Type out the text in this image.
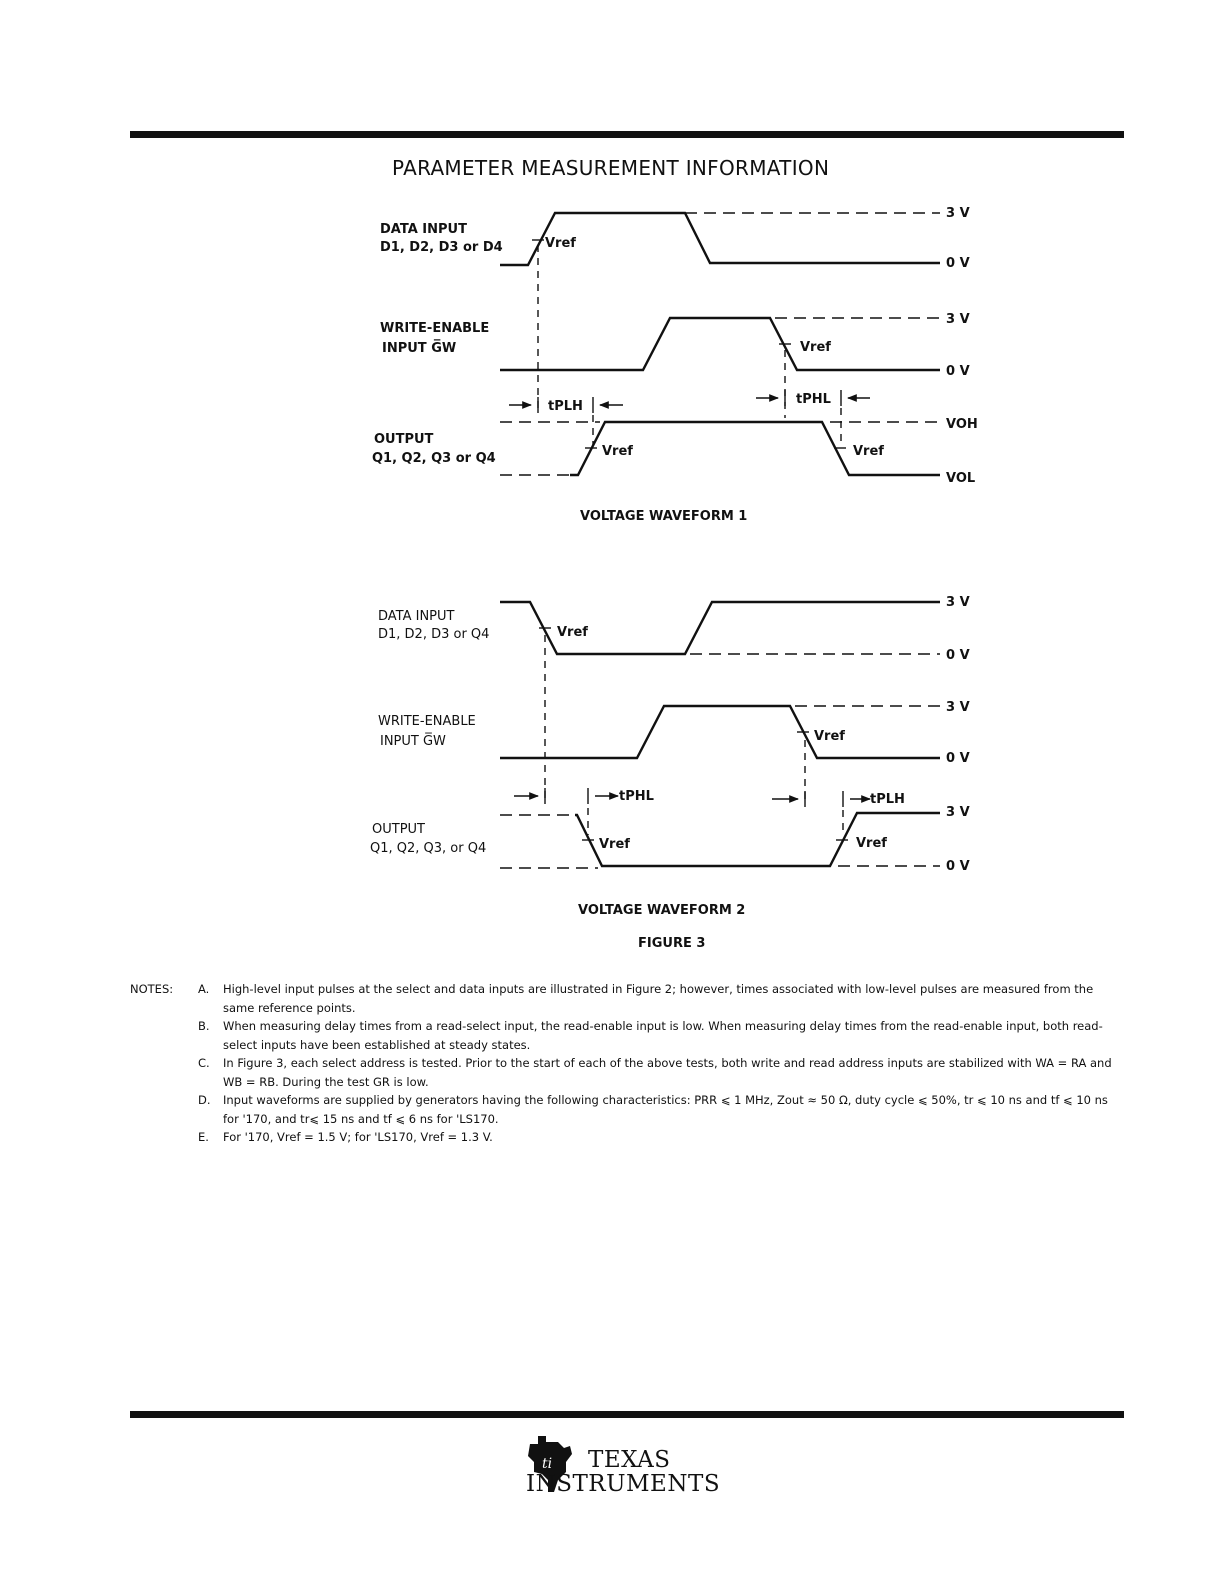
PARAMETER MEASUREMENT INFORMATION
DATA INPUT
D1, D2, D3 or D4
WRITE-ENABLE
INPUT G̅W
OUTPUT
Q1, Q2, Q3 or Q4
3 V
0 V
Vref
3 V
0 V
Vref
tPLH	tPHL
Vref	Vref
VOH
VOL
VOLTAGE WAVEFORM 1
DATA INPUT
D1, D2, D3 or Q4
WRITE-ENABLE
INPUT G̅W
OUTPUT
Q1, Q2, Q3, or Q4
3 V
0 V
Vref
3 V
0 V
Vref
tPHL	tPLH
Vref	Vref
3 V
0 V
VOLTAGE WAVEFORM 2
FIGURE 3
NOTES: A. High-level input pulses at the select and data inputs are illustrated in Figure 2; however, times associated with low-level pulses are measured from the same reference points.
B. When measuring delay times from a read-select input, the read-enable input is low. When measuring delay times from the read-enable input, both read-select inputs have been established at steady states.
C. In Figure 3, each select address is tested. Prior to the start of each of the above tests, both write and read address inputs are stabilized with WA = RA and WB = RB. During the test GR is low.
D. Input waveforms are supplied by generators having the following characteristics: PRR ⩽ 1 MHz, Zout ≈ 50 Ω, duty cycle ⩽ 50%, tr ⩽ 10 ns and tf ⩽ 10 ns for '170, and tr⩽ 15 ns and tf ⩽ 6 ns for 'LS170.
E. For '170, Vref = 1.5 V; for 'LS170, Vref = 1.3 V.
ti	TEXAS
INSTRUMENTS
